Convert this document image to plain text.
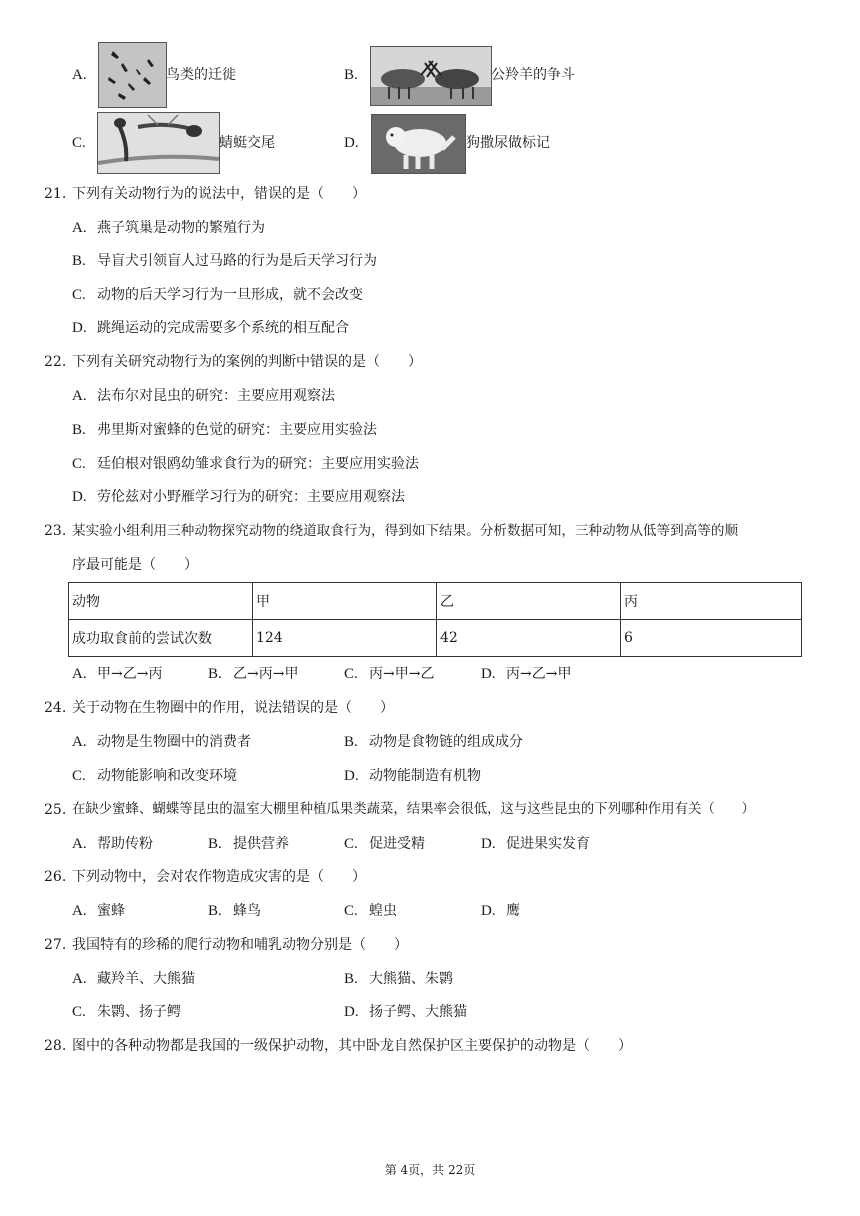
A.	鸟类的迁徙	B.	公羚羊的争斗
C.	蜻蜓交尾	D.	狗撒尿做标记
21. 下列有关动物行为的说法中，错误的是（　　）
A. 燕子筑巢是动物的繁殖行为
B. 导盲犬引领盲人过马路的行为是后天学习行为
C. 动物的后天学习行为一旦形成，就不会改变
D. 跳绳运动的完成需要多个系统的相互配合
22. 下列有关研究动物行为的案例的判断中错误的是（　　）
A. 法布尔对昆虫的研究：主要应用观察法
B. 弗里斯对蜜蜂的色觉的研究：主要应用实验法
C. 廷伯根对银鸥幼雏求食行为的研究：主要应用实验法
D. 劳伦兹对小野雁学习行为的研究：主要应用观察法
23. 某实验小组利用三种动物探究动物的绕道取食行为，得到如下结果。分析数据可知，三种动物从低等到高等的顺
序最可能是（　　）
动物	甲	乙	丙
成功取食前的尝试次数	124	42	6
A. 甲→乙→丙	B. 乙→丙→甲	C. 丙→甲→乙	D. 丙→乙→甲
24. 关于动物在生物圈中的作用，说法错误的是（　　）
A. 动物是生物圈中的消费者	B. 动物是食物链的组成成分
C. 动物能影响和改变环境	D. 动物能制造有机物
25. 在缺少蜜蜂、蝴蝶等昆虫的温室大棚里种植瓜果类蔬菜，结果率会很低，这与这些昆虫的下列哪种作用有关（　　）
A. 帮助传粉	B. 提供营养	C. 促进受精	D. 促进果实发育
26. 下列动物中，会对农作物造成灾害的是（　　）
A. 蜜蜂	B. 蜂鸟	C. 蝗虫	D. 鹰
27. 我国特有的珍稀的爬行动物和哺乳动物分别是（　　）
A. 藏羚羊、大熊猫	B. 大熊猫、朱鹮
C. 朱鹮、扬子鳄	D. 扬子鳄、大熊猫
28. 图中的各种动物都是我国的一级保护动物，其中卧龙自然保护区主要保护的动物是（　　）
第 4页，共 22页
